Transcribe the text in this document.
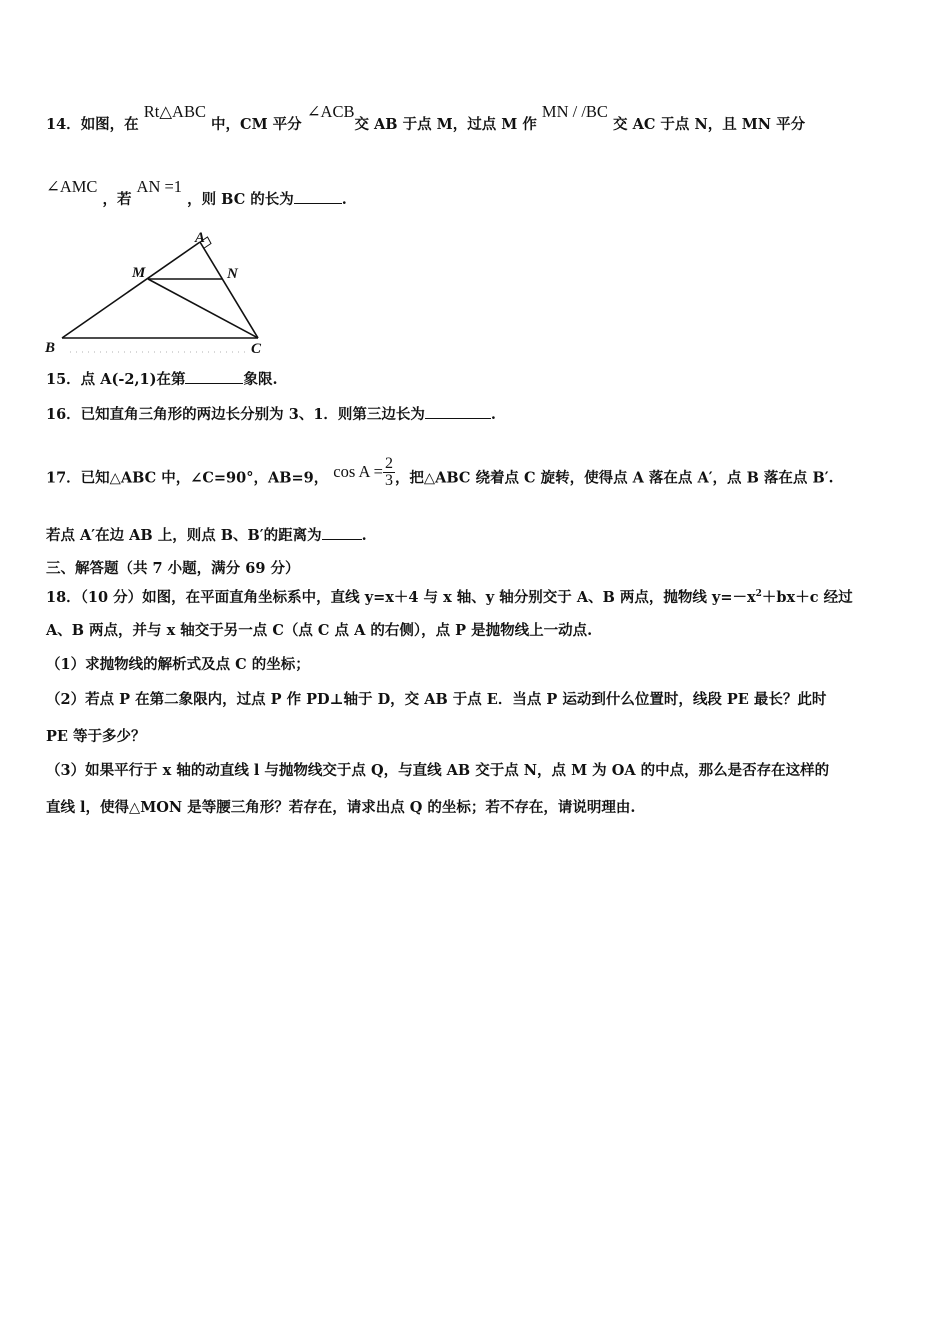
14．如图，在 Rt△ABC 中，CM 平分 ∠ACB交 AB 于点 M，过点 M 作 MN / /BC 交 AC 于点 N，且 MN 平分
∠AMC ，若 AN =1 ，则 BC 的长为	.
A
M	N
B	C
15．点 A(-2,1)在第	象限.
16．已知直角三角形的两边长分别为 3、1．则第三边长为	.
17．已知△ABC 中，∠C=90°，AB=9， $\cos A = \frac{2}{3}$ ，把△ABC 绕着点 C 旋转，使得点 A 落在点 A′，点 B 落在点 B′.
若点 A′在边 AB 上，则点 B、B′的距离为	.
三、解答题（共 7 小题，满分 69 分）
18．（10 分）如图，在平面直角坐标系中，直线 y=x＋4 与 x 轴、y 轴分别交于 A、B 两点，抛物线 $y=-x^2+bx+c$ 经过
A、B 两点，并与 x 轴交于另一点 C（点 C 点 A 的右侧），点 P 是抛物线上一动点.
（1）求抛物线的解析式及点 C 的坐标；
（2）若点 P 在第二象限内，过点 P 作 PD⊥轴于 D，交 AB 于点 E．当点 P 运动到什么位置时，线段 PE 最长？此时
PE 等于多少？
（3）如果平行于 x 轴的动直线 l 与抛物线交于点 Q，与直线 AB 交于点 N，点 M 为 OA 的中点，那么是否存在这样的
直线 l，使得△MON 是等腰三角形？若存在，请求出点 Q 的坐标；若不存在，请说明理由.
